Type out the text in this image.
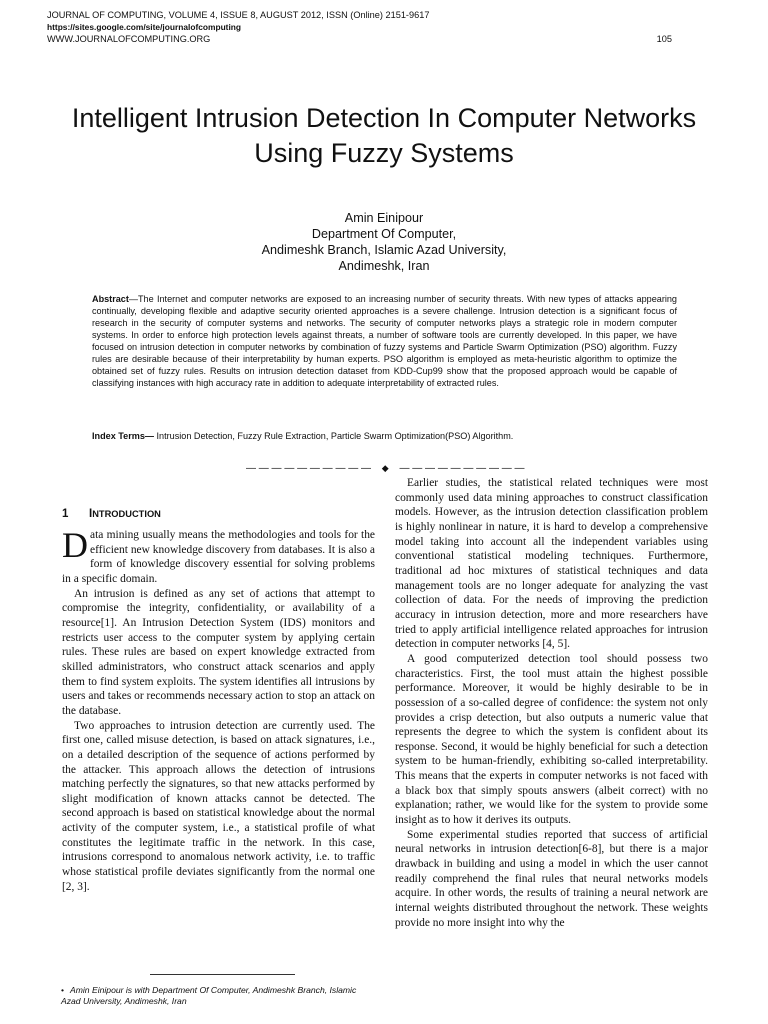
JOURNAL OF COMPUTING, VOLUME 4, ISSUE 8, AUGUST 2012, ISSN (Online) 2151-9617
https://sites.google.com/site/journalofcomputing
WWW.JOURNALOFCOMPUTING.ORG	105
Intelligent Intrusion Detection In Computer Networks Using Fuzzy Systems
Amin Einipour
Department Of Computer,
Andimeshk Branch, Islamic Azad University,
Andimeshk, Iran

Abstract—The Internet and computer networks are exposed to an increasing number of security threats. With new types of attacks appearing continually, developing flexible and adaptive security oriented approaches is a severe challenge. Intrusion detection is a significant focus of research in the security of computer systems and networks. The security of computer networks plays a strategic role in modern computer systems. In order to enforce high protection levels against threats, a number of software tools are currently developed. In this paper, we have focused on intrusion detection in computer networks by combination of fuzzy systems and Particle Swarm Optimization (PSO) algorithm. Fuzzy rules are desirable because of their interpretability by human experts. PSO algorithm is employed as meta-heuristic algorithm to optimize the obtained set of fuzzy rules. Results on intrusion detection dataset from KDD-Cup99 show that the proposed approach would be capable of classifying instances with high accuracy rate in addition to adequate interpretability of extracted rules.

Index Terms— Intrusion Detection, Fuzzy Rule Extraction, Particle Swarm Optimization(PSO) Algorithm.

— — — — — — — — — — ◆ — — — — — — — — — —
1 INTRODUCTION

Data mining usually means the methodologies and tools for the efficient new knowledge discovery from databases. It is also a form of knowledge discovery essential for solving problems in a specific domain.

An intrusion is defined as any set of actions that attempt to compromise the integrity, confidentiality, or availability of a resource[1]. An Intrusion Detection System (IDS) monitors and restricts user access to the computer system by applying certain rules. These rules are based on expert knowledge extracted from skilled administrators, who construct attack scenarios and apply them to find system exploits. The system identifies all intrusions by users and takes or recommends necessary action to stop an attack on the database.

Two approaches to intrusion detection are currently used. The first one, called misuse detection, is based on attack signatures, i.e., on a detailed description of the sequence of actions performed by the attacker. This approach allows the detection of intrusions matching perfectly the signatures, so that new attacks performed by slight modification of known attacks cannot be detected. The second approach is based on statistical knowledge about the normal activity of the computer system, i.e., a statistical profile of what constitutes the legitimate traffic in the network. In this case, intrusions correspond to anomalous network activity, i.e. to traffic whose statistical profile deviates significantly from the normal one [2, 3].

Earlier studies, the statistical related techniques were most commonly used data mining approaches to construct classification models. However, as the intrusion detection classification problem is highly nonlinear in nature, it is hard to develop a comprehensive model taking into account all the independent variables using conventional statistical modeling techniques. Furthermore, traditional ad hoc mixtures of statistical techniques and data management tools are no longer adequate for analyzing the vast collection of data. For the needs of improving the prediction accuracy in intrusion detection, more and more researchers have tried to apply artificial intelligence related approaches for intrusion detection in computer networks [4, 5].

A good computerized detection tool should possess two characteristics. First, the tool must attain the highest possible performance. Moreover, it would be highly desirable to be in possession of a so-called degree of confidence: the system not only provides a crisp detection, but also outputs a numeric value that represents the degree to which the system is confident about its response. Second, it would be highly beneficial for such a detection system to be human-friendly, exhibiting so-called interpretability. This means that the experts in computer networks is not faced with a black box that simply spouts answers (albeit correct) with no explanation; rather, we would like for the system to provide some insight as to how it derives its outputs.

Some experimental studies reported that success of artificial neural networks in intrusion detection[6-8], but there is a major drawback in building and using a model in which the user cannot readily comprehend the final rules that neural networks models acquire. In other words, the results of training a neural network are internal weights distributed throughout the network. These weights provide no more insight into why the

• Amin Einipour is with Department Of Computer, Andimeshk Branch, Islamic Azad University, Andimeshk, Iran
